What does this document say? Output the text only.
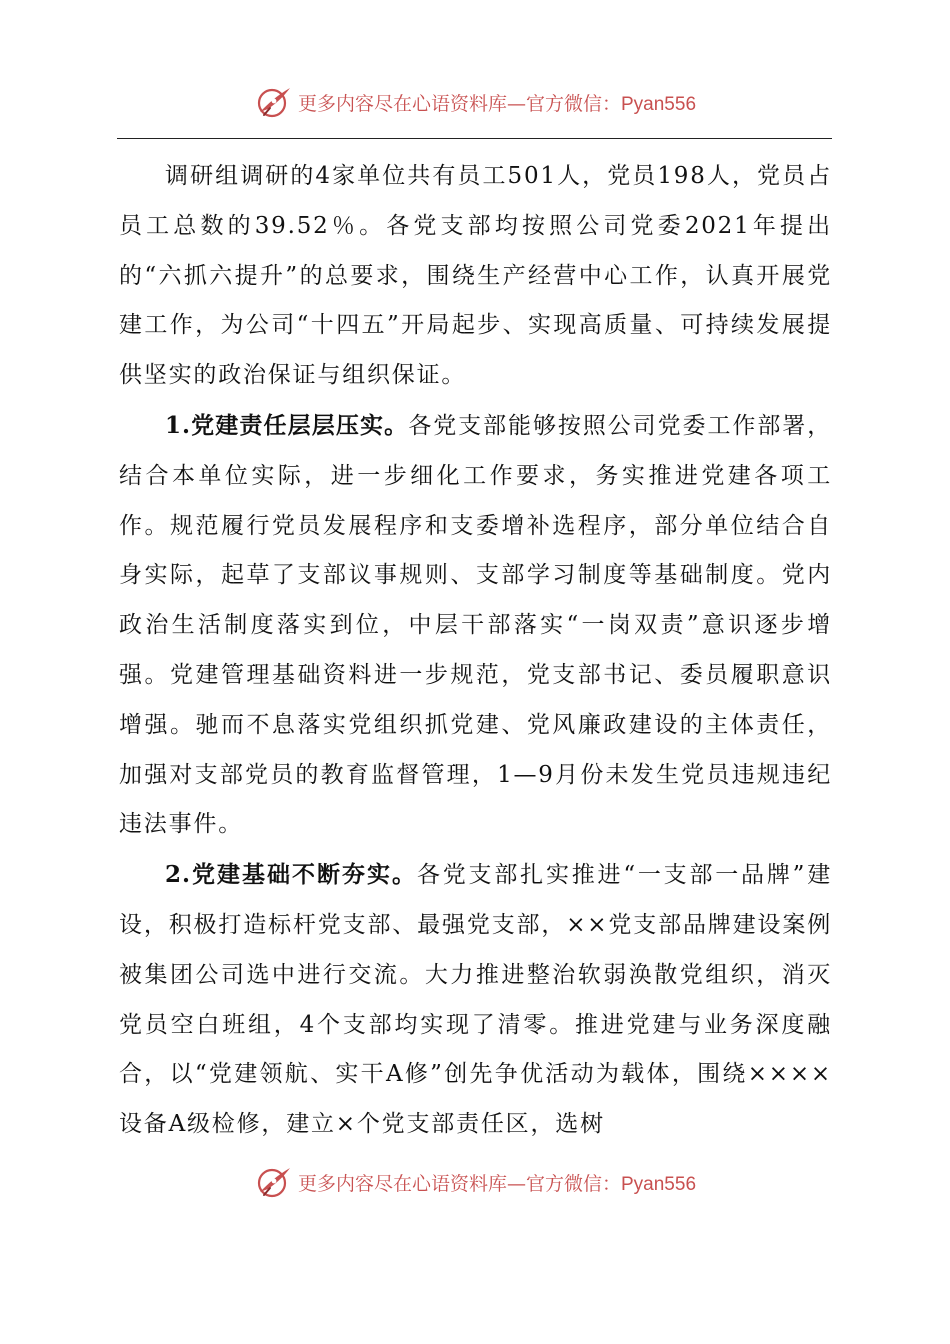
更多内容尽在心语资料库—官方微信：Pyan556

调研组调研的4家单位共有员工501人，党员198人，党员占员工总数的39.52％。各党支部均按照公司党委2021年提出的“六抓六提升”的总要求，围绕生产经营中心工作，认真开展党建工作，为公司“十四五”开局起步、实现高质量、可持续发展提供坚实的政治保证与组织保证。

1.党建责任层层压实。各党支部能够按照公司党委工作部署，结合本单位实际，进一步细化工作要求，务实推进党建各项工作。规范履行党员发展程序和支委增补选程序，部分单位结合自身实际，起草了支部议事规则、支部学习制度等基础制度。党内政治生活制度落实到位，中层干部落实“一岗双责”意识逐步增强。党建管理基础资料进一步规范，党支部书记、委员履职意识增强。驰而不息落实党组织抓党建、党风廉政建设的主体责任，加强对支部党员的教育监督管理，1—9月份未发生党员违规违纪违法事件。

2.党建基础不断夯实。各党支部扎实推进“一支部一品牌”建设，积极打造标杆党支部、最强党支部，××党支部品牌建设案例被集团公司选中进行交流。大力推进整治软弱涣散党组织，消灭党员空白班组，4个支部均实现了清零。推进党建与业务深度融合，以“党建领航、实干A修”创先争优活动为载体，围绕××××设备A级检修，建立×个党支部责任区，选树

更多内容尽在心语资料库—官方微信：Pyan556
